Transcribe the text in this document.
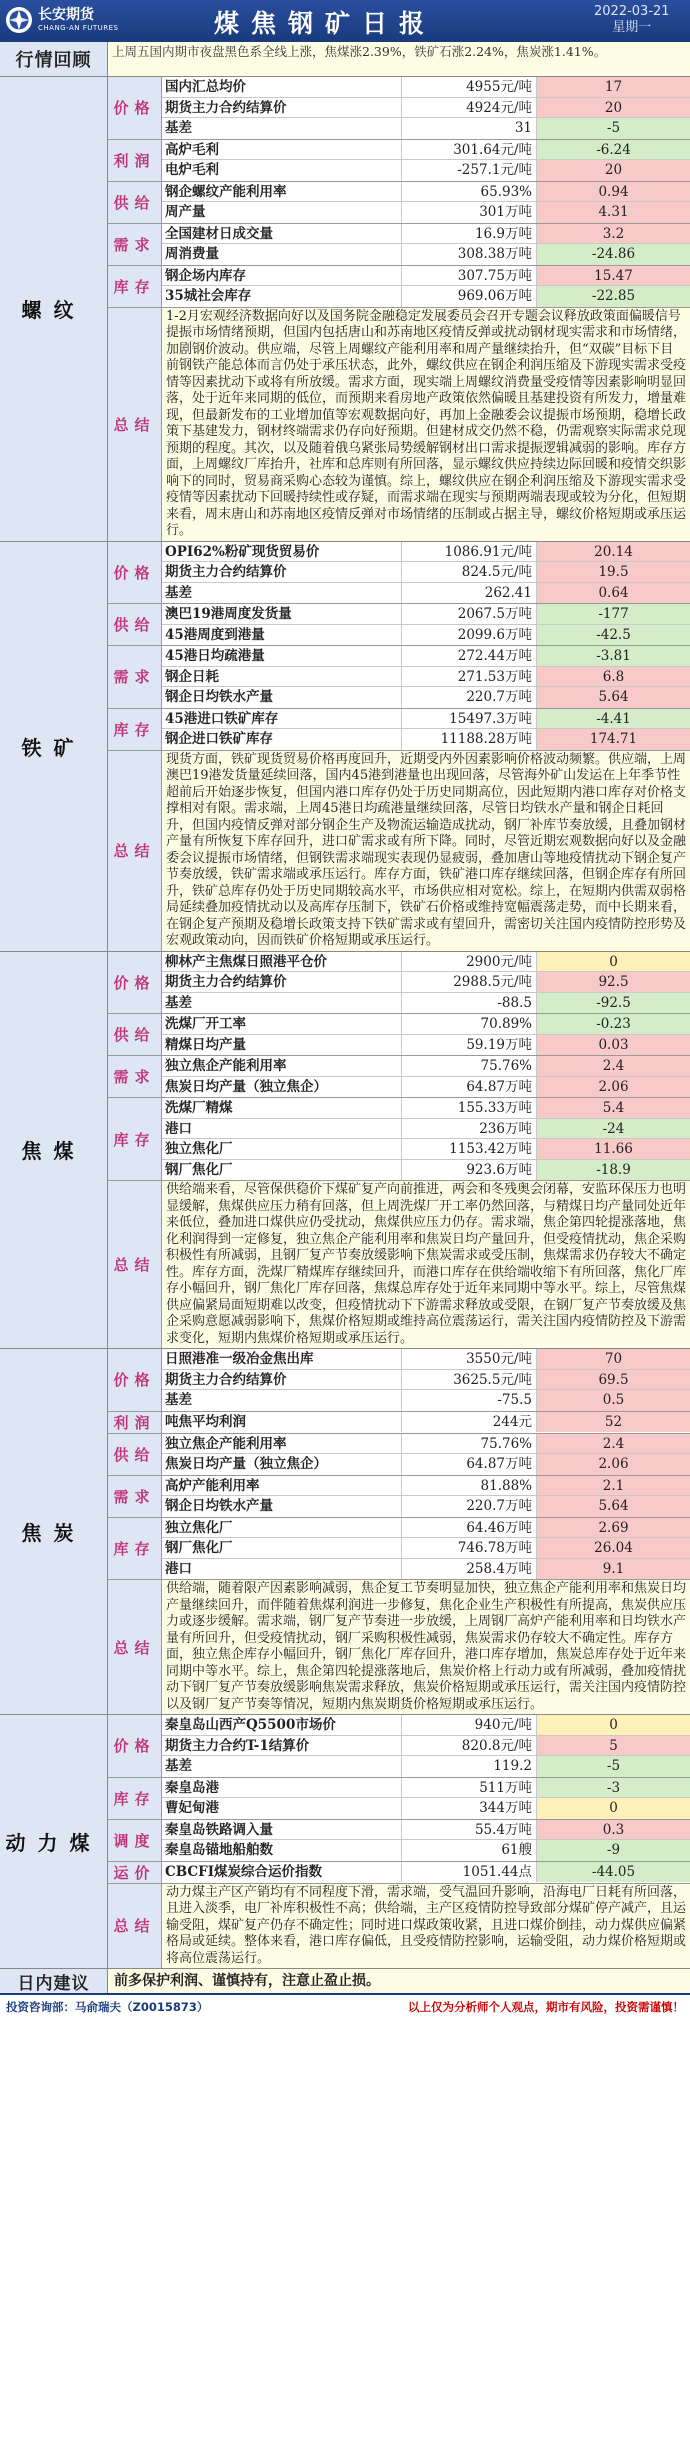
长安期货
CHANG-AN FUTURES	煤焦钢矿日报	2022-03-21
星期一
行情回顾	上周五国内期市夜盘黑色系全线上涨，焦煤涨2.39%，铁矿石涨2.24%，焦炭涨1.41%。
螺纹
价格
国内汇总均价	4955元/吨	17
期货主力合约结算价	4924元/吨	20
基差	31	-5
利润
高炉毛利	301.64元/吨	-6.24
电炉毛利	-257.1元/吨	20
供给
钢企螺纹产能利用率	65.93%	0.94
周产量	301万吨	4.31
需求
全国建材日成交量	16.9万吨	3.2
周消费量	308.38万吨	-24.86
库存
钢企场内库存	307.75万吨	15.47
35城社会库存	969.06万吨	-22.85
总结
1-2月宏观经济数据向好以及国务院金融稳定发展委员会召开专题会议释放政策面偏暖信号提振市场情绪预期，但国内包括唐山和苏南地区疫情反弹或扰动钢材现实需求和市场情绪，加剧钢价波动。供应端，尽管上周螺纹产能利用率和周产量继续抬升，但“双碳”目标下目前钢铁产能总体而言仍处于承压状态，此外，螺纹供应在钢企利润压缩及下游现实需求受疫情等因素扰动下或将有所放缓。需求方面，现实端上周螺纹消费量受疫情等因素影响明显回落，处于近年来同期的低位，而预期来看房地产政策依然偏暖且基建投资有所发力，增量难现，但最新发布的工业增加值等宏观数据向好，再加上金融委会议提振市场预期，稳增长政策下基建发力，钢材终端需求仍存向好预期。但建材成交仍然不稳，仍需观察实际需求兑现预期的程度。其次，以及随着俄乌紧张局势缓解钢材出口需求提振逻辑减弱的影响。库存方面，上周螺纹厂库抬升，社库和总库则有所回落，显示螺纹供应持续边际回暖和疫情交织影响下的同时，贸易商采购心态较为谨慎。综上，螺纹供应在钢企利润压缩及下游现实需求受疫情等因素扰动下回暖持续性或存疑，而需求端在现实与预期两端表现或较为分化，但短期来看，周末唐山和苏南地区疫情反弹对市场情绪的压制或占据主导，螺纹价格短期或承压运行。
铁矿
价格
OPI62%粉矿现货贸易价	1086.91元/吨	20.14
期货主力合约结算价	824.5元/吨	19.5
基差	262.41	0.64
供给
澳巴19港周度发货量	2067.5万吨	-177
45港周度到港量	2099.6万吨	-42.5
需求
45港日均疏港量	272.44万吨	-3.81
钢企日耗	271.53万吨	6.8
钢企日均铁水产量	220.7万吨	5.64
库存
45港进口铁矿库存	15497.3万吨	-4.41
钢企进口铁矿库存	11188.28万吨	174.71
总结
现货方面，铁矿现货贸易价格再度回升，近期受内外因素影响价格波动频繁。供应端，上周澳巴19港发货量延续回落，国内45港到港量也出现回落，尽管海外矿山发运在上年季节性超前后开始逐步恢复，但国内港口库存仍处于历史同期高位，因此短期内港口库存对价格支撑相对有限。需求端，上周45港日均疏港量继续回落，尽管日均铁水产量和钢企日耗回升，但国内疫情反弹对部分钢企生产及物流运输造成扰动，钢厂补库节奏放缓，且叠加钢材产量有所恢复下库存回升，进口矿需求或有所下降。同时，尽管近期宏观数据向好以及金融委会议提振市场情绪，但钢铁需求端现实表现仍显疲弱，叠加唐山等地疫情扰动下钢企复产节奏放缓，铁矿需求端或承压运行。库存方面，铁矿港口库存继续回落，但钢企库存有所回升，铁矿总库存仍处于历史同期较高水平，市场供应相对宽松。综上，在短期内供需双弱格局延续叠加疫情扰动以及高库存压制下，铁矿石价格或维持宽幅震荡走势，而中长期来看，在钢企复产预期及稳增长政策支持下铁矿需求或有望回升，需密切关注国内疫情防控形势及宏观政策动向，因而铁矿价格短期或承压运行。
焦煤
价格
柳林产主焦煤日照港平仓价	2900元/吨	0
期货主力合约结算价	2988.5元/吨	92.5
基差	-88.5	-92.5
供给
洗煤厂开工率	70.89%	-0.23
精煤日均产量	59.19万吨	0.03
需求
独立焦企产能利用率	75.76%	2.4
焦炭日均产量（独立焦企）	64.87万吨	2.06
库存
洗煤厂精煤	155.33万吨	5.4
港口	236万吨	-24
独立焦化厂	1153.42万吨	11.66
钢厂焦化厂	923.6万吨	-18.9
总结
供给端来看，尽管保供稳价下煤矿复产向前推进，两会和冬残奥会闭幕，安监环保压力也明显缓解，焦煤供应压力稍有回落，但上周洗煤厂开工率仍然回落，与精煤日均产量同处近年来低位，叠加进口煤供应仍受扰动，焦煤供应压力仍存。需求端，焦企第四轮提涨落地，焦化利润得到一定修复，独立焦企产能利用率和焦炭日均产量回升，但受疫情扰动，焦企采购积极性有所减弱，且钢厂复产节奏放缓影响下焦炭需求或受压制，焦煤需求仍存较大不确定性。库存方面，洗煤厂精煤库存继续回升，而港口库存在供给端收缩下有所回落，焦化厂库存小幅回升，钢厂焦化厂库存回落，焦煤总库存处于近年来同期中等水平。综上，尽管焦煤供应偏紧局面短期难以改变，但疫情扰动下下游需求释放或受限，在钢厂复产节奏放缓及焦企采购意愿减弱影响下，焦煤价格短期或维持高位震荡运行，需关注国内疫情防控及下游需求变化，短期内焦煤价格短期或承压运行。
焦炭
价格
日照港准一级冶金焦出库	3550元/吨	70
期货主力合约结算价	3625.5元/吨	69.5
基差	-75.5	0.5
利润 吨焦平均利润	244元	52
供给
独立焦企产能利用率	75.76%	2.4
焦炭日均产量（独立焦企）	64.87万吨	2.06
需求
高炉产能利用率	81.88%	2.1
钢企日均铁水产量	220.7万吨	5.64
库存
独立焦化厂	64.46万吨	2.69
钢厂焦化厂	746.78万吨	26.04
港口	258.4万吨	9.1
总结
供给端，随着限产因素影响减弱，焦企复工节奏明显加快，独立焦企产能利用率和焦炭日均产量继续回升，而伴随着焦煤利润进一步修复，焦化企业生产积极性有所提高，焦炭供应压力或逐步缓解。需求端，钢厂复产节奏进一步放缓，上周钢厂高炉产能利用率和日均铁水产量有所回升，但受疫情扰动，钢厂采购积极性减弱，焦炭需求仍存较大不确定性。库存方面，独立焦企库存小幅回升，钢厂焦化厂库存回升，港口库存增加，焦炭总库存处于近年来同期中等水平。综上，焦企第四轮提涨落地后，焦炭价格上行动力或有所减弱，叠加疫情扰动下钢厂复产节奏放缓影响焦炭需求释放，焦炭价格短期或承压运行，需关注国内疫情防控以及钢厂复产节奏等情况，短期内焦炭期货价格短期或承压运行。
动力煤
价格
秦皇岛山西产Q5500市场价	940元/吨	0
期货主力合约T-1结算价	820.8元/吨	5
基差	119.2	-5
库存
秦皇岛港	511万吨	-3
曹妃甸港	344万吨	0
调度
秦皇岛铁路调入量	55.4万吨	0.3
秦皇岛锚地船舶数	61艘	-9
运价 CBCFI煤炭综合运价指数	1051.44点	-44.05
总结
动力煤主产区产销均有不同程度下滑，需求端，受气温回升影响，沿海电厂日耗有所回落，且进入淡季，电厂补库积极性不高；供给端，主产区疫情防控导致部分煤矿停产减产，且运输受阻，煤矿复产仍存不确定性；同时进口煤政策收紧，且进口煤价倒挂，动力煤供应偏紧格局或延续。整体来看，港口库存偏低，且受疫情防控影响，运输受阻，动力煤价格短期或将高位震荡运行。
日内建议	前多保护利润、谨慎持有，注意止盈止损。
投资咨询部：马俞瑞夫（Z0015873）	以上仅为分析师个人观点，期市有风险，投资需谨慎！
